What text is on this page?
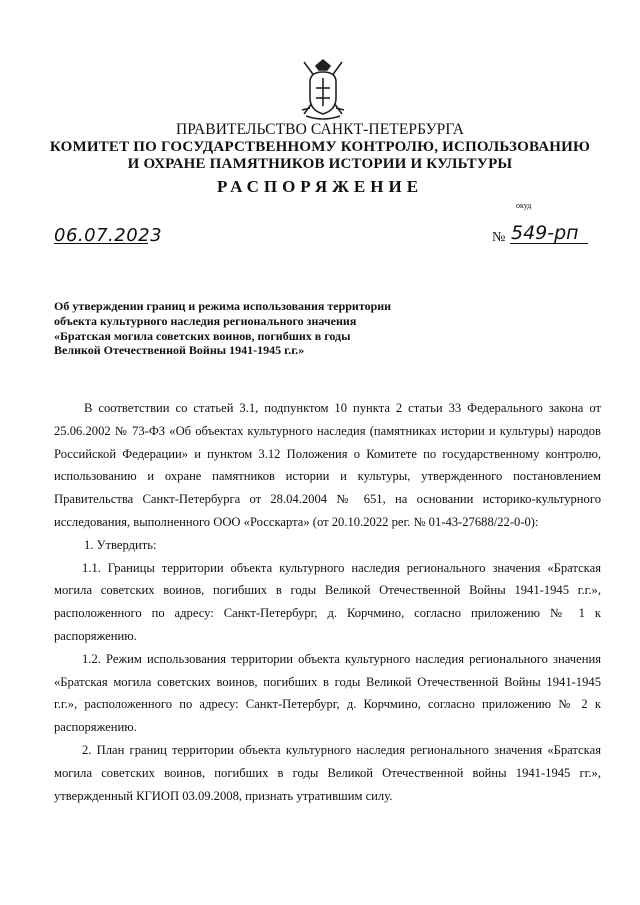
ПРАВИТЕЛЬСТВО САНКТ-ПЕТЕРБУРГА
КОМИТЕТ ПО ГОСУДАРСТВЕННОМУ КОНТРОЛЮ, ИСПОЛЬЗОВАНИЮ
И ОХРАНЕ ПАМЯТНИКОВ ИСТОРИИ И КУЛЬТУРЫ
РАСПОРЯЖЕНИЕ
окуд
06.07.2023	№ 549-рп
Об утверждении границ и режима использования территории
объекта культурного наследия регионального значения
«Братская могила советских воинов, погибших в годы
Великой Отечественной Войны 1941-1945 г.г.»

В соответствии со статьей 3.1, подпунктом 10 пункта 2 статьи 33 Федерального закона от 25.06.2002 № 73-ФЗ «Об объектах культурного наследия (памятниках истории и культуры) народов Российской Федерации» и пунктом 3.12 Положения о Комитете по государственному контролю, использованию и охране памятников истории и культуры, утвержденного постановлением Правительства Санкт-Петербурга от 28.04.2004 № 651, на основании историко-культурного исследования, выполненного ООО «Росскарта» (от 20.10.2022 рег. № 01-43-27688/22-0-0):

1. Утвердить:

1.1. Границы территории объекта культурного наследия регионального значения «Братская могила советских воинов, погибших в годы Великой Отечественной Войны 1941-1945 г.г.», расположенного по адресу: Санкт-Петербург, д. Корчмино, согласно приложению № 1 к распоряжению.

1.2. Режим использования территории объекта культурного наследия регионального значения «Братская могила советских воинов, погибших в годы Великой Отечественной Войны 1941-1945 г.г.», расположенного по адресу: Санкт-Петербург, д. Корчмино, согласно приложению № 2 к распоряжению.

2. План границ территории объекта культурного наследия регионального значения «Братская могила советских воинов, погибших в годы Великой Отечественной войны 1941-1945 гг.», утвержденный КГИОП 03.09.2008, признать утратившим силу.
